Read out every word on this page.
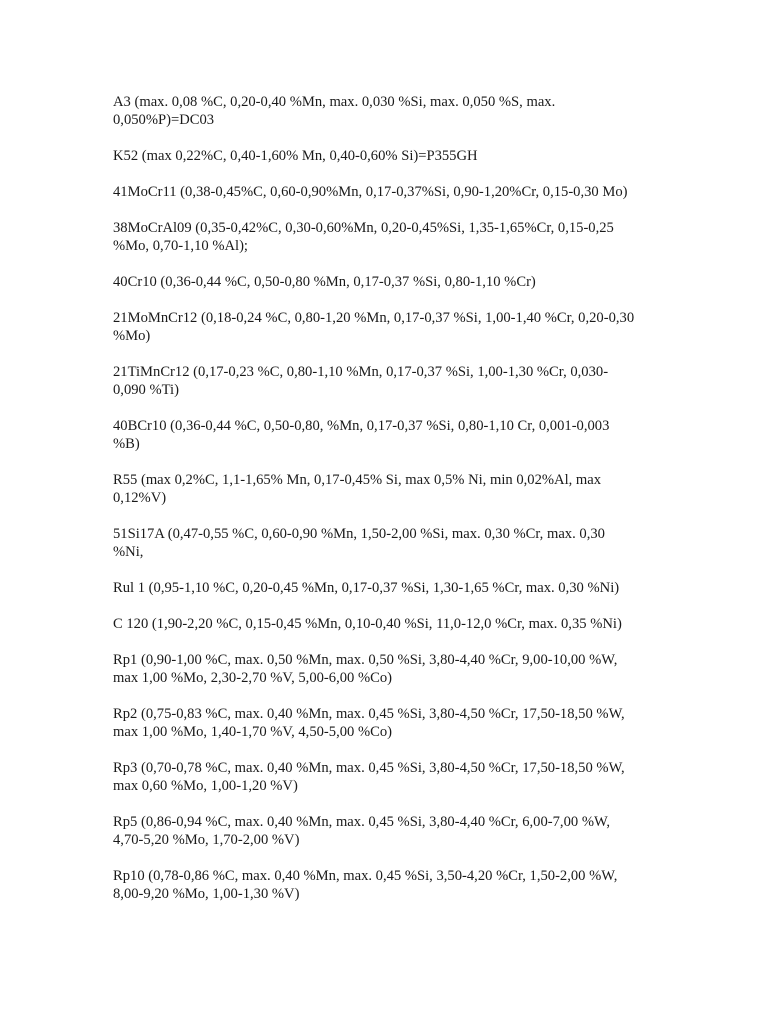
A3 (max. 0,08 %C, 0,20-0,40 %Mn, max. 0,030 %Si, max. 0,050 %S, max.
0,050%P)=DC03

K52 (max 0,22%C, 0,40-1,60% Mn, 0,40-0,60% Si)=P355GH

41MoCr11 (0,38-0,45%C, 0,60-0,90%Mn, 0,17-0,37%Si, 0,90-1,20%Cr, 0,15-0,30 Mo)

38MoCrAl09 (0,35-0,42%C, 0,30-0,60%Mn, 0,20-0,45%Si, 1,35-1,65%Cr, 0,15-0,25
%Mo, 0,70-1,10 %Al);

40Cr10 (0,36-0,44 %C, 0,50-0,80 %Mn, 0,17-0,37 %Si, 0,80-1,10 %Cr)

21MoMnCr12 (0,18-0,24 %C, 0,80-1,20 %Mn, 0,17-0,37 %Si, 1,00-1,40 %Cr, 0,20-0,30
%Mo)

21TiMnCr12 (0,17-0,23 %C, 0,80-1,10 %Mn, 0,17-0,37 %Si, 1,00-1,30 %Cr, 0,030-
0,090 %Ti)

40BCr10 (0,36-0,44 %C, 0,50-0,80, %Mn, 0,17-0,37 %Si, 0,80-1,10 Cr, 0,001-0,003
%B)

R55 (max 0,2%C, 1,1-1,65% Mn, 0,17-0,45% Si, max 0,5% Ni, min 0,02%Al, max
0,12%V)

51Si17A (0,47-0,55 %C, 0,60-0,90 %Mn, 1,50-2,00 %Si, max. 0,30 %Cr, max. 0,30
%Ni,

Rul 1 (0,95-1,10 %C, 0,20-0,45 %Mn, 0,17-0,37 %Si, 1,30-1,65 %Cr, max. 0,30 %Ni)

C 120 (1,90-2,20 %C, 0,15-0,45 %Mn, 0,10-0,40 %Si, 11,0-12,0 %Cr, max. 0,35 %Ni)

Rp1 (0,90-1,00 %C, max. 0,50 %Mn, max. 0,50 %Si, 3,80-4,40 %Cr, 9,00-10,00 %W,
max 1,00 %Mo, 2,30-2,70 %V, 5,00-6,00 %Co)

Rp2 (0,75-0,83 %C, max. 0,40 %Mn, max. 0,45 %Si, 3,80-4,50 %Cr, 17,50-18,50 %W,
max 1,00 %Mo, 1,40-1,70 %V, 4,50-5,00 %Co)

Rp3 (0,70-0,78 %C, max. 0,40 %Mn, max. 0,45 %Si, 3,80-4,50 %Cr, 17,50-18,50 %W,
max 0,60 %Mo, 1,00-1,20 %V)

Rp5 (0,86-0,94 %C, max. 0,40 %Mn, max. 0,45 %Si, 3,80-4,40 %Cr, 6,00-7,00 %W,
4,70-5,20 %Mo, 1,70-2,00 %V)

Rp10 (0,78-0,86 %C, max. 0,40 %Mn, max. 0,45 %Si, 3,50-4,20 %Cr, 1,50-2,00 %W,
8,00-9,20 %Mo, 1,00-1,30 %V)
